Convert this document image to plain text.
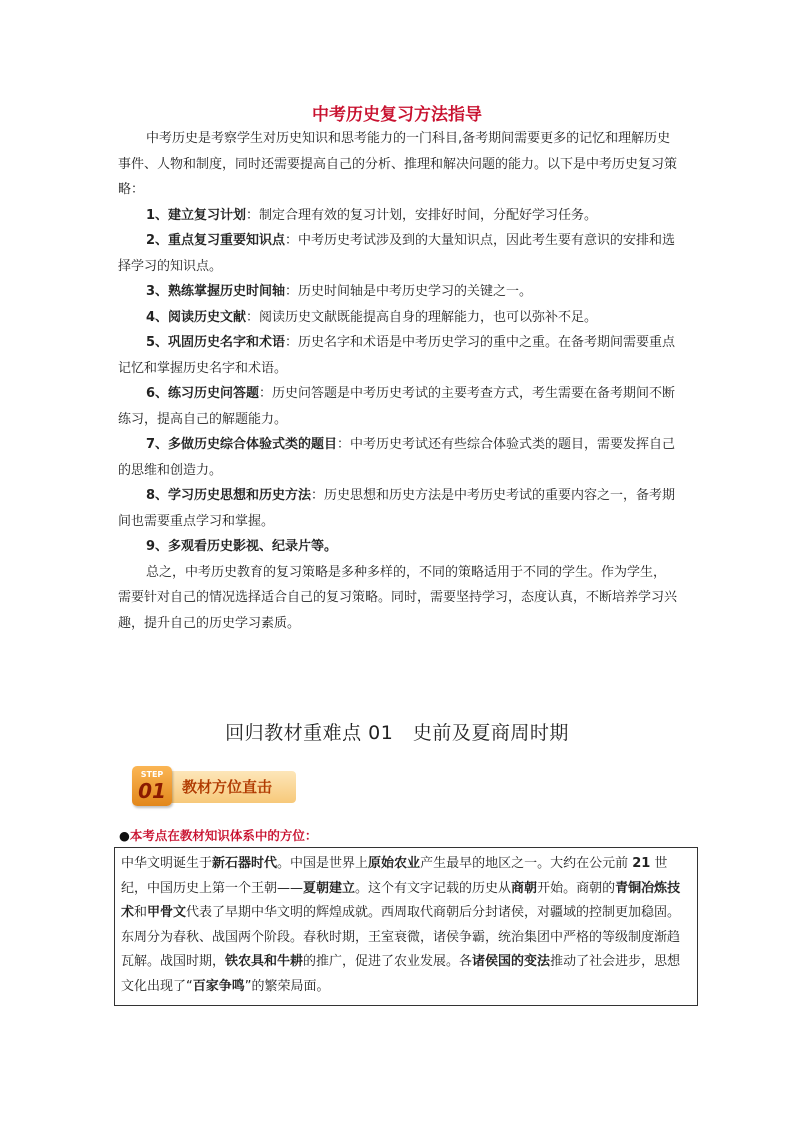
中考历史复习方法指导

中考历史是考察学生对历史知识和思考能力的一门科目,备考期间需要更多的记忆和理解历史事件、人物和制度，同时还需要提高自己的分析、推理和解决问题的能力。以下是中考历史复习策略：

1、建立复习计划：制定合理有效的复习计划，安排好时间，分配好学习任务。

2、重点复习重要知识点：中考历史考试涉及到的大量知识点，因此考生要有意识的安排和选择学习的知识点。

3、熟练掌握历史时间轴：历史时间轴是中考历史学习的关键之一。

4、阅读历史文献：阅读历史文献既能提高自身的理解能力，也可以弥补不足。

5、巩固历史名字和术语：历史名字和术语是中考历史学习的重中之重。在备考期间需要重点记忆和掌握历史名字和术语。

6、练习历史问答题：历史问答题是中考历史考试的主要考查方式，考生需要在备考期间不断练习，提高自己的解题能力。

7、多做历史综合体验式类的题目：中考历史考试还有些综合体验式类的题目，需要发挥自己的思维和创造力。

8、学习历史思想和历史方法：历史思想和历史方法是中考历史考试的重要内容之一，备考期间也需要重点学习和掌握。

9、多观看历史影视、纪录片等。

总之，中考历史教育的复习策略是多种多样的，不同的策略适用于不同的学生。作为学生，需要针对自己的情况选择适合自己的复习策略。同时，需要坚持学习，态度认真，不断培养学习兴趣，提升自己的历史学习素质。

回归教材重难点 01　史前及夏商周时期
STEP
01	教材方位直击
●本考点在教材知识体系中的方位：
中华文明诞生于新石器时代。中国是世界上原始农业产生最早的地区之一。大约在公元前 21 世纪，中国历史上第一个王朝——夏朝建立。这个有文字记载的历史从商朝开始。商朝的青铜冶炼技术和甲骨文代表了早期中华文明的辉煌成就。西周取代商朝后分封诸侯，对疆域的控制更加稳固。东周分为春秋、战国两个阶段。春秋时期，王室衰微，诸侯争霸，统治集团中严格的等级制度渐趋瓦解。战国时期，铁农具和牛耕的推广，促进了农业发展。各诸侯国的变法推动了社会进步，思想文化出现了“百家争鸣”的繁荣局面。
